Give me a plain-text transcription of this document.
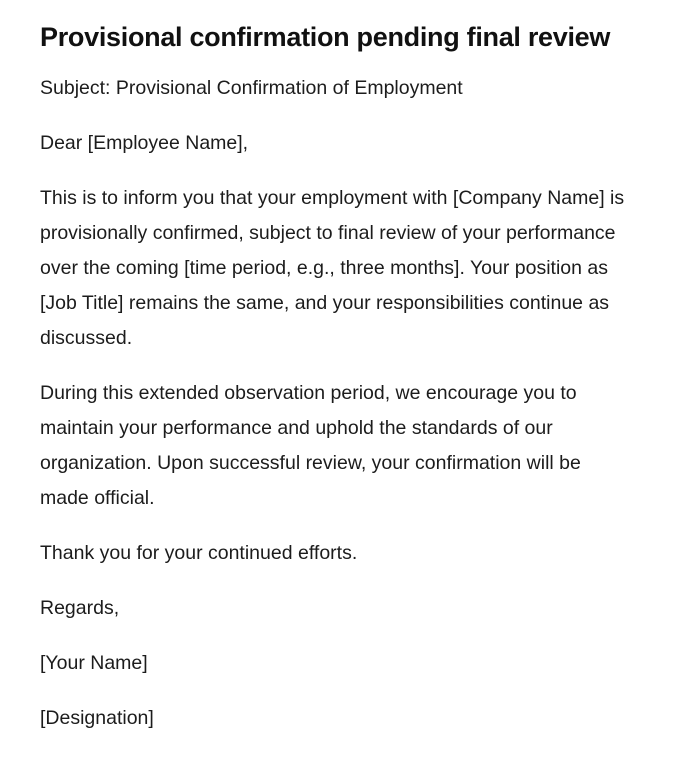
Provisional confirmation pending final review

Subject: Provisional Confirmation of Employment

Dear [Employee Name],

This is to inform you that your employment with [Company Name] is provisionally confirmed, subject to final review of your performance over the coming [time period, e.g., three months]. Your position as [Job Title] remains the same, and your responsibilities continue as discussed.

During this extended observation period, we encourage you to maintain your performance and uphold the standards of our organization. Upon successful review, your confirmation will be made official.

Thank you for your continued efforts.

Regards,

[Your Name]

[Designation]
